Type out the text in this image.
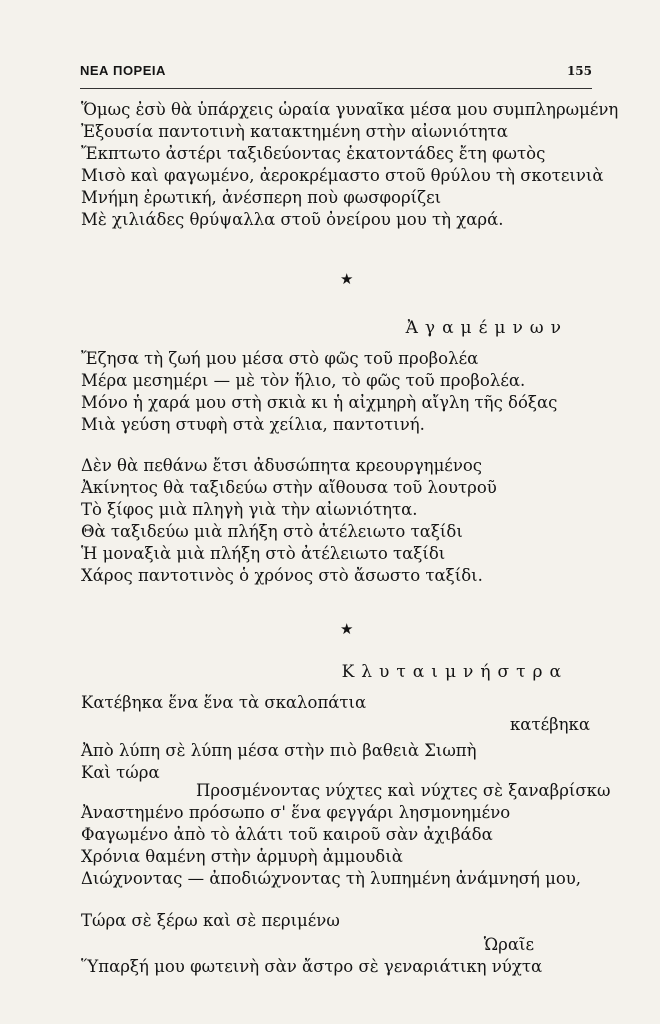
ΝΕΑ ΠΟΡΕΙΑ	155
Ὅμως ἐσὺ θὰ ὑπάρχεις ὡραία γυναῖκα μέσα μου συμπληρωμένη
Ἐξουσία παντοτινὴ κατακτημένη στὴν αἰωνιότητα
Ἔκπτωτο ἀστέρι ταξιδεύοντας ἑκατοντάδες ἔτη φωτὸς
Μισὸ καὶ φαγωμένο, ἀεροκρέμαστο στοῦ θρύλου τὴ σκοτεινιὰ
Μνήμη ἐρωτική, ἀνέσπερη ποὺ φωσφορίζει
Μὲ χιλιάδες θρύψαλλα στοῦ ὀνείρου μου τὴ χαρά.
★
Ἀγαμέμνων
Ἔζησα τὴ ζωή μου μέσα στὸ φῶς τοῦ προβολέα
Μέρα μεσημέρι — μὲ τὸν ἥλιο, τὸ φῶς τοῦ προβολέα.
Μόνο ἡ χαρά μου στὴ σκιὰ κι ἡ αἰχμηρὴ αἴγλη τῆς δόξας
Μιὰ γεύση στυφὴ στὰ χείλια, παντοτινή.
Δὲν θὰ πεθάνω ἔτσι ἀδυσώπητα κρεουργημένος
Ἀκίνητος θὰ ταξιδεύω στὴν αἴθουσα τοῦ λουτροῦ
Τὸ ξίφος μιὰ πληγὴ γιὰ τὴν αἰωνιότητα.
Θὰ ταξιδεύω μιὰ πλήξη στὸ ἀτέλειωτο ταξίδι
Ἡ μοναξιὰ μιὰ πλήξη στὸ ἀτέλειωτο ταξίδι
Χάρος παντοτινὸς ὁ χρόνος στὸ ἄσωστο ταξίδι.
★
Κλυταιμνήστρα
Κατέβηκα ἕνα ἕνα τὰ σκαλοπάτια
κατέβηκα
Ἀπὸ λύπη σὲ λύπη μέσα στὴν πιὸ βαθειὰ Σιωπὴ
Καὶ τώρα
Προσμένοντας νύχτες καὶ νύχτες σὲ ξαναβρίσκω
Ἀναστημένο πρόσωπο σ' ἕνα φεγγάρι λησμονημένο
Φαγωμένο ἀπὸ τὸ ἀλάτι τοῦ καιροῦ σὰν ἀχιβάδα
Χρόνια θαμένη στὴν ἁρμυρὴ ἀμμουδιὰ
Διώχνοντας — ἀποδιώχνοντας τὴ λυπημένη ἀνάμνησή μου,
Τώρα σὲ ξέρω καὶ σὲ περιμένω
Ὡραῖε
Ὕπαρξή μου φωτεινὴ σὰν ἄστρο σὲ γεναριάτικη νύχτα
